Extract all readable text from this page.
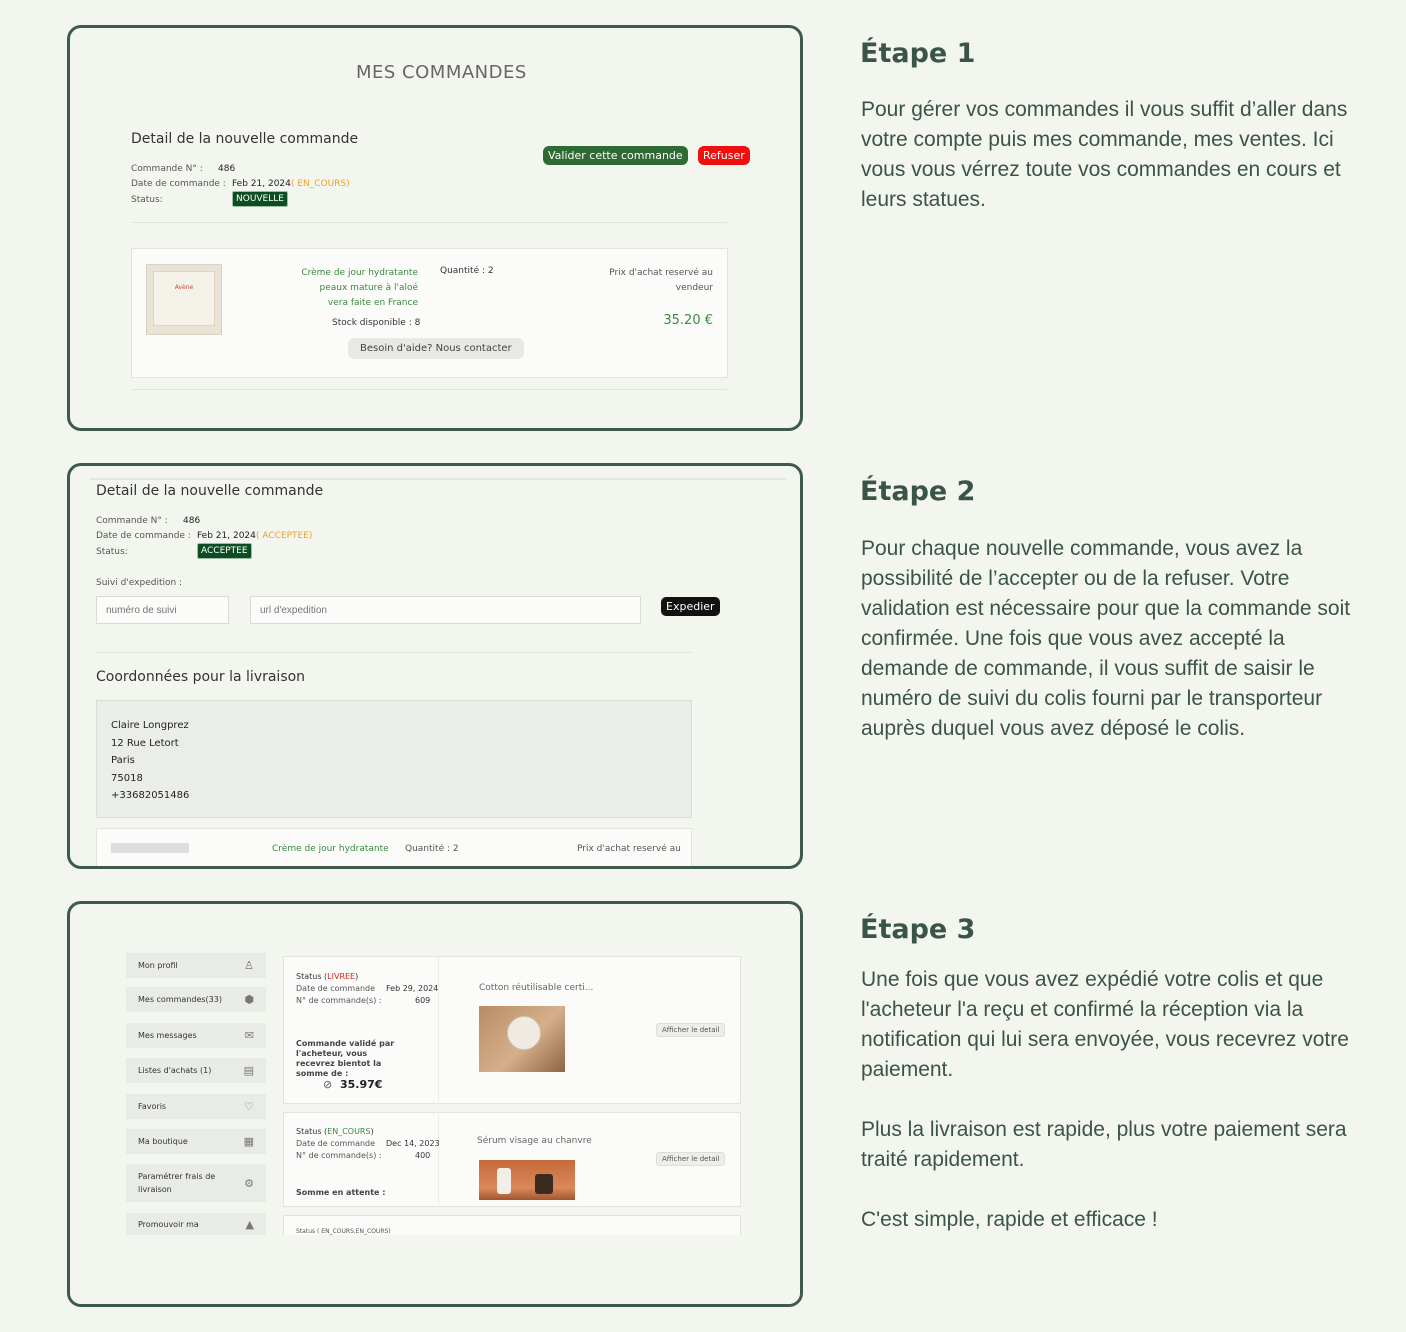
MES COMMANDES
Detail de la nouvelle commande
Valider cette commande	Refuser
Commande N° : 486
Date de commande : Feb 21, 2024 ( EN_COURS)
Status:	NOUVELLE
Avène
Crème de jour hydratante peaux mature à l'aloé vera faite en France
Quantité : 2	Prix d'achat reservé au vendeur
35.20 €
Stock disponible : 8
Besoin d'aide? Nous contacter
Étape 1
Pour gérer vos commandes il vous suffit d’aller dans votre compte puis mes commande, mes ventes. Ici vous vous vérrez toute vos commandes en cours et leurs statues.
Detail de la nouvelle commande
Commande N° : 486
Date de commande : Feb 21, 2024 ( ACCEPTEE)
Status:	ACCEPTEE
Suivi d'expedition :
numéro de suivi
url d'expedition
Expedier
Coordonnées pour la livraison
Claire Longprez
12 Rue Letort
Paris
75018
+33682051486
Crème de jour hydratante Quantité : 2	Prix d'achat reservé au
Étape 2
Pour chaque nouvelle commande, vous avez la possibilité de l’accepter ou de la refuser. Votre validation est nécessaire pour que la commande soit confirmée. Une fois que vous avez accepté la demande de commande, il vous suffit de saisir le numéro de suivi du colis fourni par le transporteur auprès duquel vous avez déposé le colis.
Mon profil	♙
Mes commandes(33) ⬢
Mes messages	✉
Listes d'achats (1)	▤
Favoris	♡
Ma boutique	▦
Paramétrer frais de livraison	⚙
Promouvoir ma	▲
Status (LIVREE)
Date de commande Feb 29, 2024
N° de commande(s) :	609
Commande validé par l'acheteur, vous recevrez bientot la somme de :
⊘ 35.97€
Cotton réutilisable certi...
Afficher le detail
Status (EN_COURS)
Date de commande Dec 14, 2023
N° de commande(s) :	400
Somme en attente :
Sérum visage au chanvre
Afficher le detail
Status ( EN_COURS,EN_COURS)
Étape 3
Une fois que vous avez expédié votre colis et que l'acheteur l'a reçu et confirmé la réception via la notification qui lui sera envoyée, vous recevrez votre paiement.
Plus la livraison est rapide, plus votre paiement sera traité rapidement.
C'est simple, rapide et efficace !
